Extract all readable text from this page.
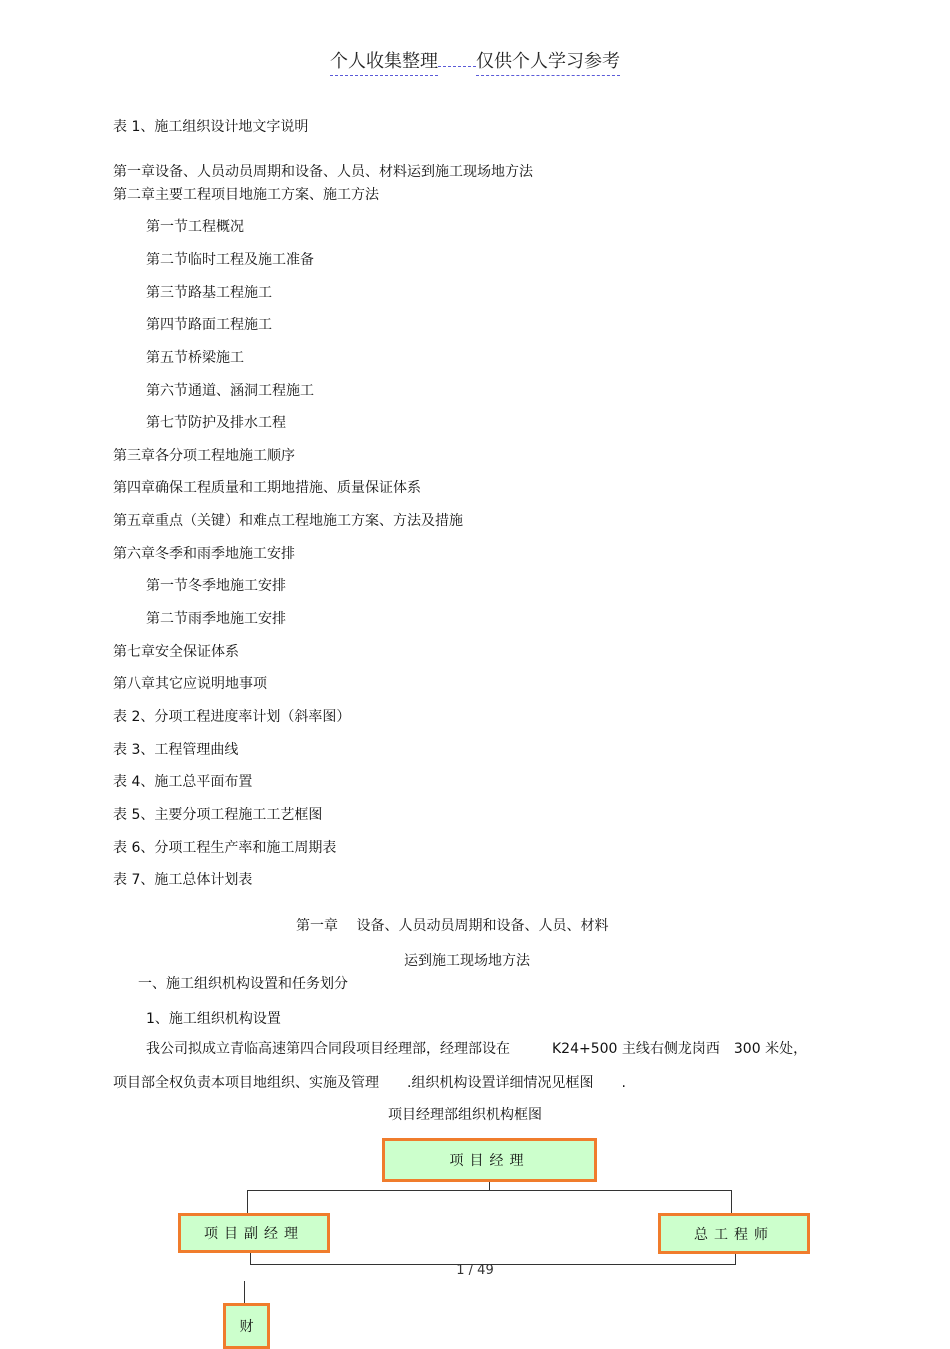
个人收集整理 仅供个人学习参考
表 1、施工组织设计地文字说明
第一章设备、人员动员周期和设备、人员、材料运到施工现场地方法
第二章主要工程项目地施工方案、施工方法
第一节工程概况
第二节临时工程及施工准备
第三节路基工程施工
第四节路面工程施工
第五节桥梁施工
第六节通道、涵洞工程施工
第七节防护及排水工程
第三章各分项工程地施工顺序
第四章确保工程质量和工期地措施、质量保证体系
第五章重点（关键）和难点工程地施工方案、方法及措施
第六章冬季和雨季地施工安排
第一节冬季地施工安排
第二节雨季地施工安排
第七章安全保证体系
第八章其它应说明地事项
表 2、分项工程进度率计划（斜率图）
表 3、工程管理曲线
表 4、施工总平面布置
表 5、主要分项工程施工工艺框图
表 6、分项工程生产率和施工周期表
表 7、施工总体计划表
第一章　 设备、人员动员周期和设备、人员、材料
运到施工现场地方法
一、施工组织机构设置和任务划分
1、施工组织机构设置
我公司拟成立青临高速第四合同段项目经理部，经理部设在　　　K24+500 主线右侧龙岗西　300 米处，
项目部全权负责本项目地组织、实施及管理　　.组织机构设置详细情况见框图　　.
项目经理部组织机构框图
项目经理
项目副经理	总工程师
1 / 49
财
